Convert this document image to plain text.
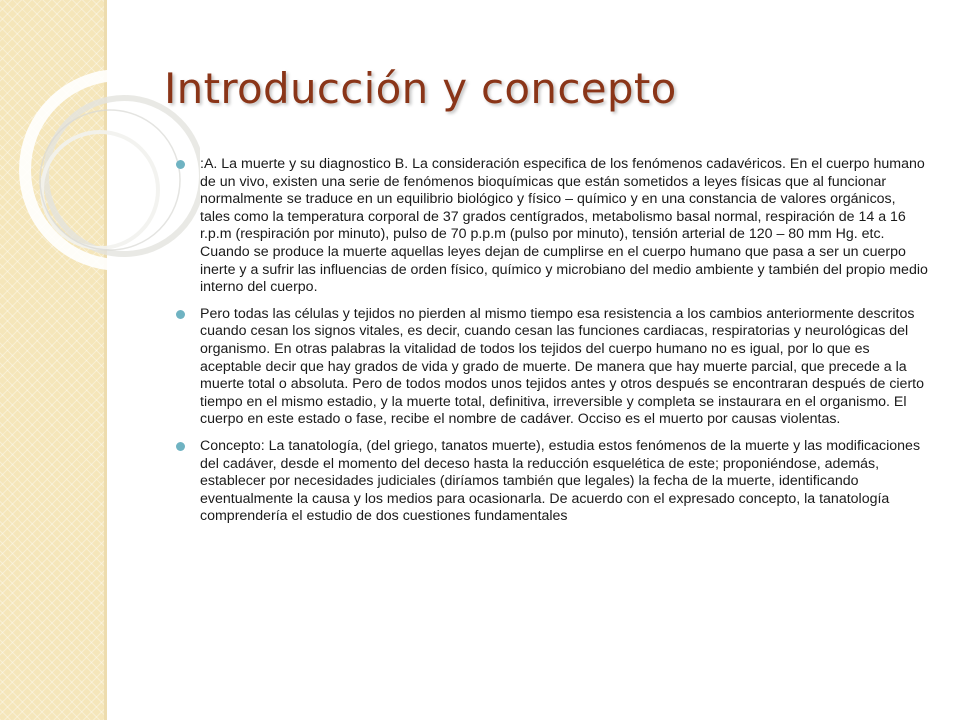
Introducción y concepto
:A. La muerte y su diagnostico B. La consideración especifica de los fenómenos cadavéricos. En el cuerpo humano de un vivo, existen una serie de fenómenos bioquímicas que están sometidos a leyes físicas que al funcionar normalmente se traduce en un equilibrio biológico y físico – químico y en una constancia de valores orgánicos, tales como la temperatura corporal de 37 grados centígrados, metabolismo basal normal, respiración de 14 a 16 r.p.m (respiración por minuto), pulso de 70 p.p.m (pulso por minuto), tensión arterial de 120 – 80 mm Hg. etc. Cuando se produce la muerte aquellas leyes dejan de cumplirse en el cuerpo humano que pasa a ser un cuerpo inerte y a sufrir las influencias de orden físico, químico y microbiano del medio ambiente y también del propio medio interno del cuerpo.
Pero todas las células y tejidos no pierden al mismo tiempo esa resistencia a los cambios anteriormente descritos cuando cesan los signos vitales, es decir, cuando cesan las funciones cardiacas, respiratorias y neurológicas del organismo. En otras palabras la vitalidad de todos los tejidos del cuerpo humano no es igual, por lo que es aceptable decir que hay grados de vida y grado de muerte. De manera que hay muerte parcial, que precede a la muerte total o absoluta. Pero de todos modos unos tejidos antes y otros después se encontraran después de cierto tiempo en el mismo estadio, y la muerte total, definitiva, irreversible y completa se instaurara en el organismo. El cuerpo en este estado o fase, recibe el nombre de cadáver. Occiso es el muerto por causas violentas.
Concepto: La tanatología, (del griego, tanatos muerte), estudia estos fenómenos de la muerte y las modificaciones del cadáver, desde el momento del deceso hasta la reducción esquelética de este; proponiéndose, además, establecer por necesidades judiciales (diríamos también que legales) la fecha de la muerte, identificando eventualmente la causa y los medios para ocasionarla. De acuerdo con el expresado concepto, la tanatología comprendería el estudio de dos cuestiones fundamentales
